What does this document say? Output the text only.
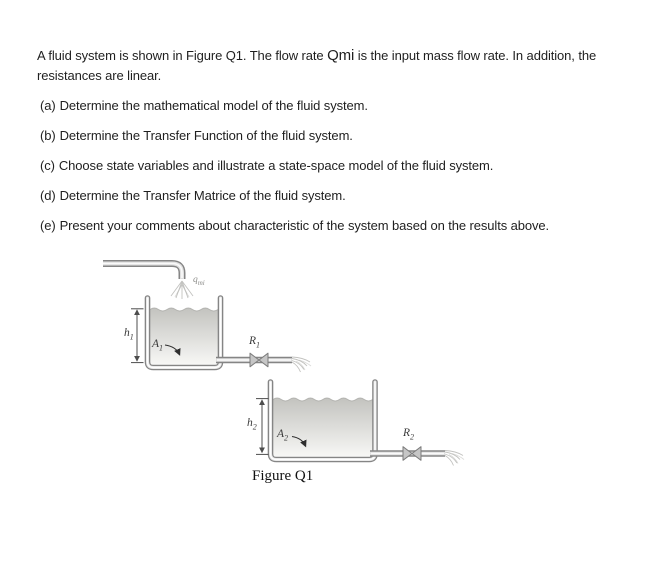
A fluid system is shown in Figure Q1. The flow rate Qmi is the input mass flow rate. In addition, the
resistances are linear.
(a) Determine the mathematical model of the fluid system.
(b) Determine the Transfer Function of the fluid system.
(c) Choose state variables and illustrate a state-space model of the fluid system.
(d) Determine the Transfer Matrice of the fluid system.
(e) Present your comments about characteristic of the system based on the results above.
$q_{mi}$
$h_1$
$A_1$
$R_1$
$h_2$
$A_2$	$R_2$
Figure Q1
